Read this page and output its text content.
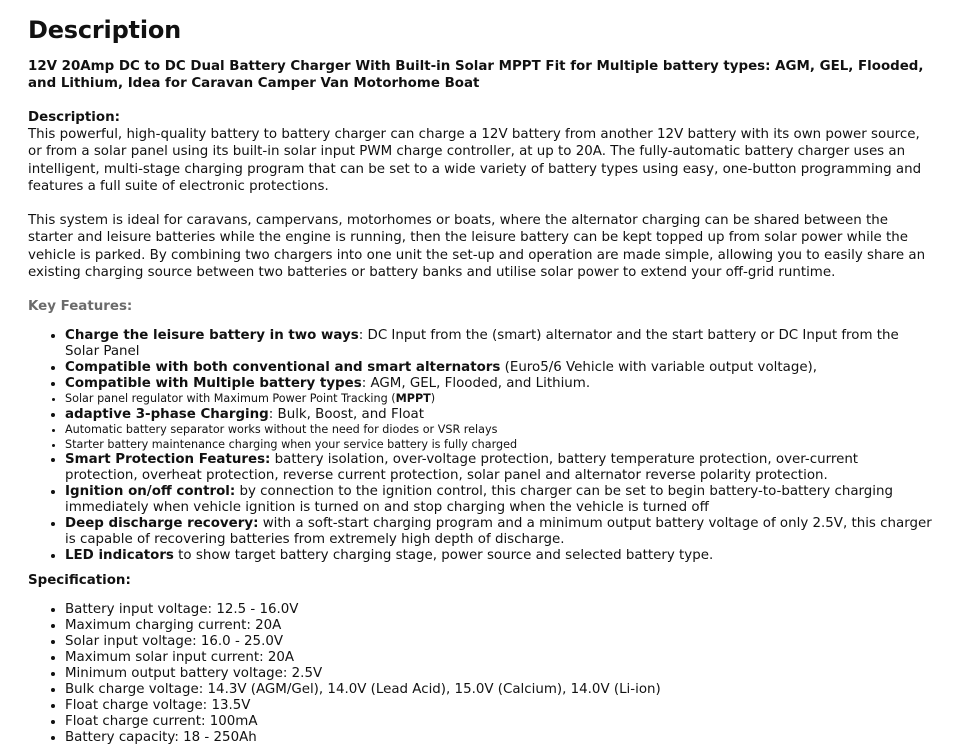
Description

12V 20Amp DC to DC Dual Battery Charger With Built-in Solar MPPT Fit for Multiple battery types: AGM, GEL, Flooded, and Lithium, Idea for Caravan Camper Van Motorhome Boat

Description:

This powerful, high-quality battery to battery charger can charge a 12V battery from another 12V battery with its own power source, or from a solar panel using its built-in solar input PWM charge controller, at up to 20A. The fully-automatic battery charger uses an intelligent, multi-stage charging program that can be set to a wide variety of battery types using easy, one-button programming and features a full suite of electronic protections.

This system is ideal for caravans, campervans, motorhomes or boats, where the alternator charging can be shared between the starter and leisure batteries while the engine is running, then the leisure battery can be kept topped up from solar power while the vehicle is parked. By combining two chargers into one unit the set-up and operation are made simple, allowing you to easily share an existing charging source between two batteries or battery banks and utilise solar power to extend your off-grid runtime.

Key Features:

• Charge the leisure battery in two ways: DC Input from the (smart) alternator and the start battery or DC Input from the Solar Panel
• Compatible with both conventional and smart alternators (Euro5/6 Vehicle with variable output voltage),
• Compatible with Multiple battery types: AGM, GEL, Flooded, and Lithium.
• Solar panel regulator with Maximum Power Point Tracking (MPPT)
• adaptive 3-phase Charging: Bulk, Boost, and Float
• Automatic battery separator works without the need for diodes or VSR relays
• Starter battery maintenance charging when your service battery is fully charged
• Smart Protection Features: battery isolation, over-voltage protection, battery temperature protection, over-current protection, overheat protection, reverse current protection, solar panel and alternator reverse polarity protection.
• Ignition on/off control: by connection to the ignition control, this charger can be set to begin battery-to-battery charging immediately when vehicle ignition is turned on and stop charging when the vehicle is turned off
• Deep discharge recovery: with a soft-start charging program and a minimum output battery voltage of only 2.5V, this charger is capable of recovering batteries from extremely high depth of discharge.
• LED indicators to show target battery charging stage, power source and selected battery type.

Specification:

• Battery input voltage: 12.5 - 16.0V
• Maximum charging current: 20A
• Solar input voltage: 16.0 - 25.0V
• Maximum solar input current: 20A
• Minimum output battery voltage: 2.5V
• Bulk charge voltage: 14.3V (AGM/Gel), 14.0V (Lead Acid), 15.0V (Calcium), 14.0V (Li-ion)
• Float charge voltage: 13.5V
• Float charge current: 100mA
• Battery capacity: 18 - 250Ah
